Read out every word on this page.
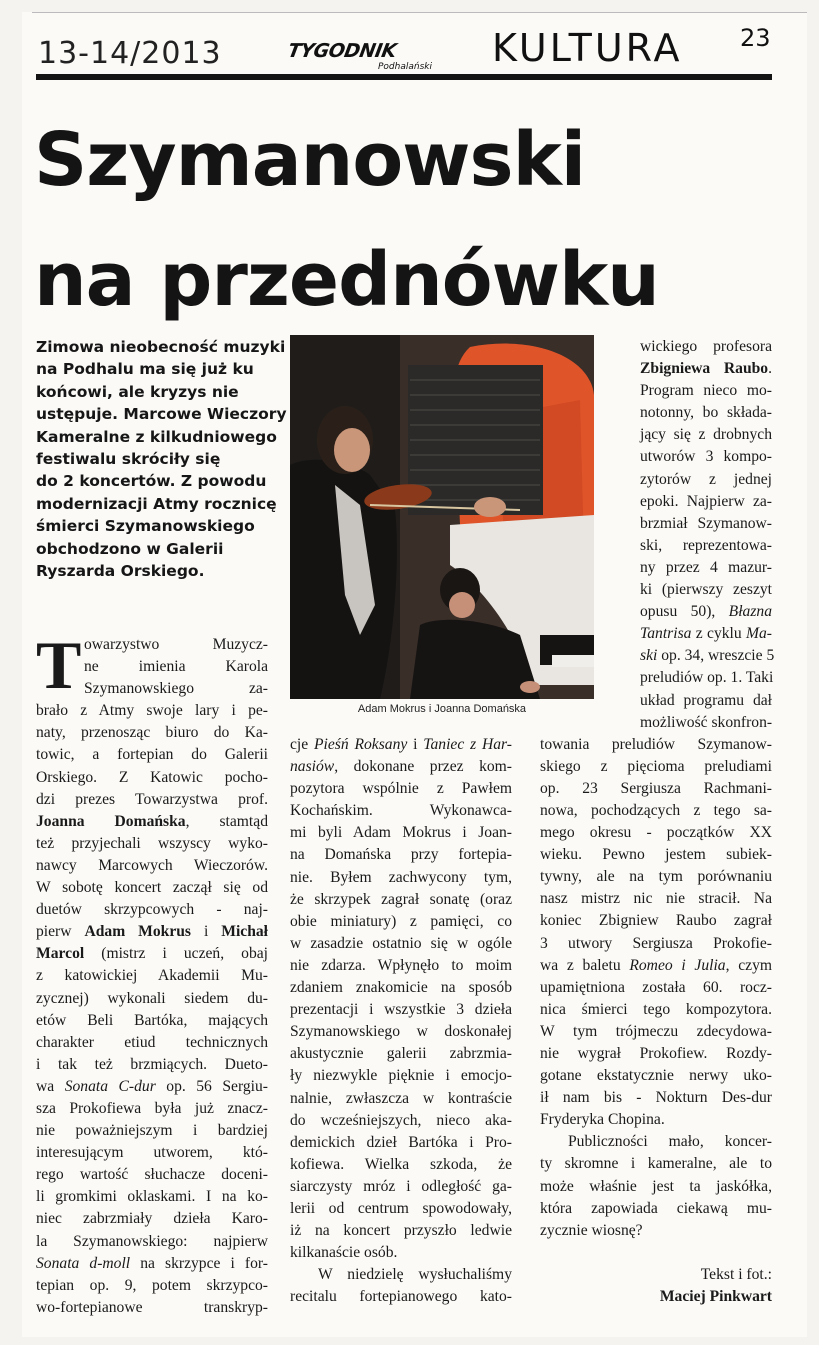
13-14/2013	TYGODNIK
Podhalański KULTURA 23
Szymanowski
na przednówku
Zimowa nieobecność muzyki
na Podhalu ma się już ku
końcowi, ale kryzys nie
ustępuje. Marcowe Wieczory
Kameralne z kilkudniowego
festiwalu skróciły się
do 2 koncertów. Z powodu
modernizacji Atmy rocznicę
śmierci Szymanowskiego
obchodzono w Galerii
Ryszarda Orskiego.
Adam Mokrus i Joanna Domańska
T owarzystwo Muzycz-
ne imienia Karola
Szymanowskiego za-
brało z Atmy swoje lary i pe-
naty, przenosząc biuro do Ka-
towic, a fortepian do Galerii
Orskiego. Z Katowic pocho-
dzi prezes Towarzystwa prof.
Joanna Domańska, stamtąd
też przyjechali wszyscy wyko-
nawcy Marcowych Wieczorów.
W sobotę koncert zaczął się od
duetów skrzypcowych - naj-
pierw Adam Mokrus i Michał
Marcol (mistrz i uczeń, obaj
z katowickiej Akademii Mu-
zycznej) wykonali siedem du-
etów Beli Bartóka, mających
charakter etiud technicznych
i tak też brzmiących. Dueto-
wa Sonata C-dur op. 56 Sergiu-
sza Prokofiewa była już znacz-
nie poważniejszym i bardziej
interesującym utworem, któ-
rego wartość słuchacze doceni-
li gromkimi oklaskami. I na ko-
niec zabrzmiały dzieła Karo-
la Szymanowskiego: najpierw
Sonata d-moll na skrzypce i for-
tepian op. 9, potem skrzypco-
wo-fortepianowe transkryp-
cje Pieśń Roksany i Taniec z Har-
nasiów, dokonane przez kom-
pozytora wspólnie z Pawłem
Kochańskim. Wykonawca-
mi byli Adam Mokrus i Joan-
na Domańska przy fortepia-
nie. Byłem zachwycony tym,
że skrzypek zagrał sonatę (oraz
obie miniatury) z pamięci, co
w zasadzie ostatnio się w ogóle
nie zdarza. Wpłynęło to moim
zdaniem znakomicie na sposób
prezentacji i wszystkie 3 dzieła
Szymanowskiego w doskonałej
akustycznie galerii zabrzmia-
ły niezwykle pięknie i emocjo-
nalnie, zwłaszcza w kontraście
do wcześniejszych, nieco aka-
demickich dzieł Bartóka i Pro-
kofiewa. Wielka szkoda, że
siarczysty mróz i odległość ga-
lerii od centrum spowodowały,
iż na koncert przyszło ledwie
kilkanaście osób.
W niedzielę wysłuchaliśmy
recitalu fortepianowego kato-
wickiego profesora
Zbigniewa Raubo.
Program nieco mo-
notonny, bo składa-
jący się z drobnych
utworów 3 kompo-
zytorów z jednej
epoki. Najpierw za-
brzmiał Szymanow-
ski, reprezentowa-
ny przez 4 mazur-
ki (pierwszy zeszyt
opusu 50), Błazna
Tantrisa z cyklu Ma-
ski op. 34, wreszcie 5
preludiów op. 1. Taki
układ programu dał
możliwość skonfron-
towania preludiów Szymanow-
skiego z pięcioma preludiami
op. 23 Sergiusza Rachmani-
nowa, pochodzących z tego sa-
mego okresu - początków XX
wieku. Pewno jestem subiek-
tywny, ale na tym porównaniu
nasz mistrz nic nie stracił. Na
koniec Zbigniew Raubo zagrał
3 utwory Sergiusza Prokofie-
wa z baletu Romeo i Julia, czym
upamiętniona została 60. rocz-
nica śmierci tego kompozytora.
W tym trójmeczu zdecydowa-
nie wygrał Prokofiew. Rozdy-
gotane ekstatycznie nerwy uko-
ił nam bis - Nokturn Des-dur
Fryderyka Chopina.
Publiczności mało, koncer-
ty skromne i kameralne, ale to
może właśnie jest ta jaskółka,
która zapowiada ciekawą mu-
zycznie wiosnę?
Tekst i fot.:
Maciej Pinkwart
